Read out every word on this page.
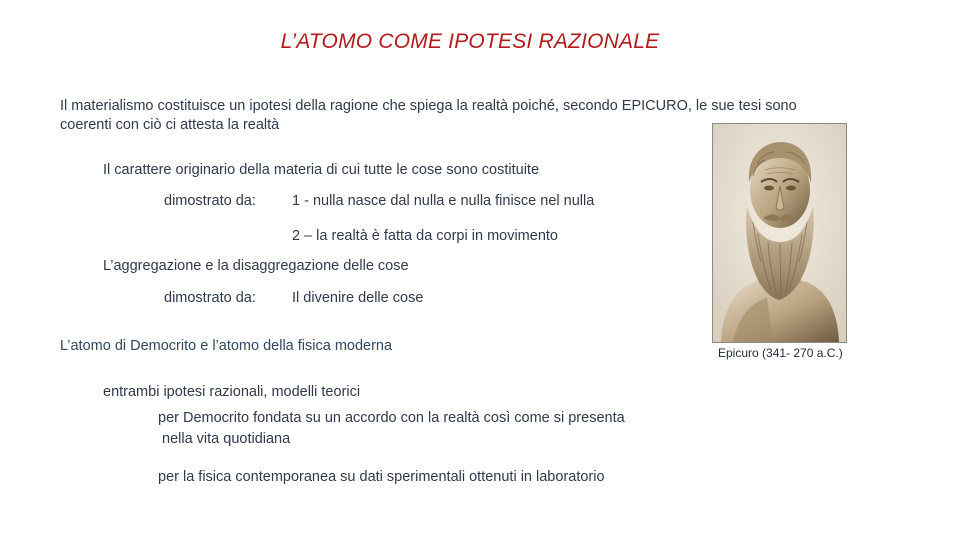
L’ATOMO COME IPOTESI RAZIONALE
Il materialismo costituisce un ipotesi della ragione che spiega la realtà poiché, secondo EPICURO, le sue tesi sono coerenti con ciò ci attesta la realtà
Il carattere originario della materia di cui tutte le cose sono costituite
dimostrato da: 1 - nulla nasce dal nulla e nulla finisce nel nulla
2 – la realtà è fatta da corpi in movimento
L’aggregazione e la disaggregazione delle cose
dimostrato da: Il divenire delle cose
L’atomo di Democrito e l’atomo della fisica moderna
entrambi ipotesi razionali, modelli teorici
per Democrito fondata su un accordo con la realtà così come si presenta
nella vita quotidiana
per la fisica contemporanea su dati sperimentali ottenuti in laboratorio
Epicuro (341- 270 a.C.)
